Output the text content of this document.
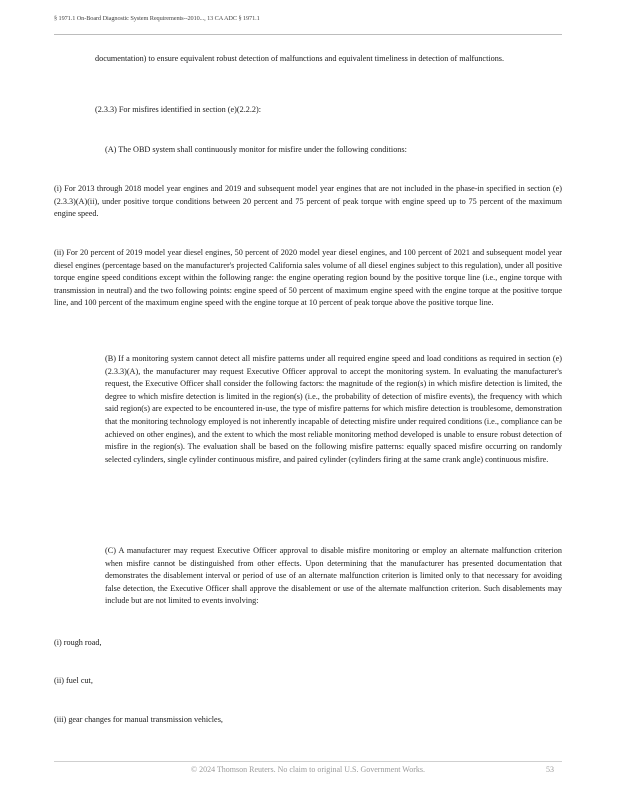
§ 1971.1 On-Board Diagnostic System Requirements--2010..., 13 CA ADC § 1971.1

documentation) to ensure equivalent robust detection of malfunctions and equivalent timeliness in detection of malfunctions.

(2.3.3) For misfires identified in section (e)(2.2.2):

(A) The OBD system shall continuously monitor for misfire under the following conditions:

(i) For 2013 through 2018 model year engines and 2019 and subsequent model year engines that are not included in the phase-in specified in section (e)(2.3.3)(A)(ii), under positive torque conditions between 20 percent and 75 percent of peak torque with engine speed up to 75 percent of the maximum engine speed.

(ii) For 20 percent of 2019 model year diesel engines, 50 percent of 2020 model year diesel engines, and 100 percent of 2021 and subsequent model year diesel engines (percentage based on the manufacturer's projected California sales volume of all diesel engines subject to this regulation), under all positive torque engine speed conditions except within the following range: the engine operating region bound by the positive torque line (i.e., engine torque with transmission in neutral) and the two following points: engine speed of 50 percent of maximum engine speed with the engine torque at the positive torque line, and 100 percent of the maximum engine speed with the engine torque at 10 percent of peak torque above the positive torque line.

(B) If a monitoring system cannot detect all misfire patterns under all required engine speed and load conditions as required in section (e)(2.3.3)(A), the manufacturer may request Executive Officer approval to accept the monitoring system. In evaluating the manufacturer's request, the Executive Officer shall consider the following factors: the magnitude of the region(s) in which misfire detection is limited, the degree to which misfire detection is limited in the region(s) (i.e., the probability of detection of misfire events), the frequency with which said region(s) are expected to be encountered in-use, the type of misfire patterns for which misfire detection is troublesome, demonstration that the monitoring technology employed is not inherently incapable of detecting misfire under required conditions (i.e., compliance can be achieved on other engines), and the extent to which the most reliable monitoring method developed is unable to ensure robust detection of misfire in the region(s). The evaluation shall be based on the following misfire patterns: equally spaced misfire occurring on randomly selected cylinders, single cylinder continuous misfire, and paired cylinder (cylinders firing at the same crank angle) continuous misfire.

(C) A manufacturer may request Executive Officer approval to disable misfire monitoring or employ an alternate malfunction criterion when misfire cannot be distinguished from other effects. Upon determining that the manufacturer has presented documentation that demonstrates the disablement interval or period of use of an alternate malfunction criterion is limited only to that necessary for avoiding false detection, the Executive Officer shall approve the disablement or use of the alternate malfunction criterion. Such disablements may include but are not limited to events involving:

(i) rough road,

(ii) fuel cut,

(iii) gear changes for manual transmission vehicles,

© 2024 Thomson Reuters. No claim to original U.S. Government Works.	53
